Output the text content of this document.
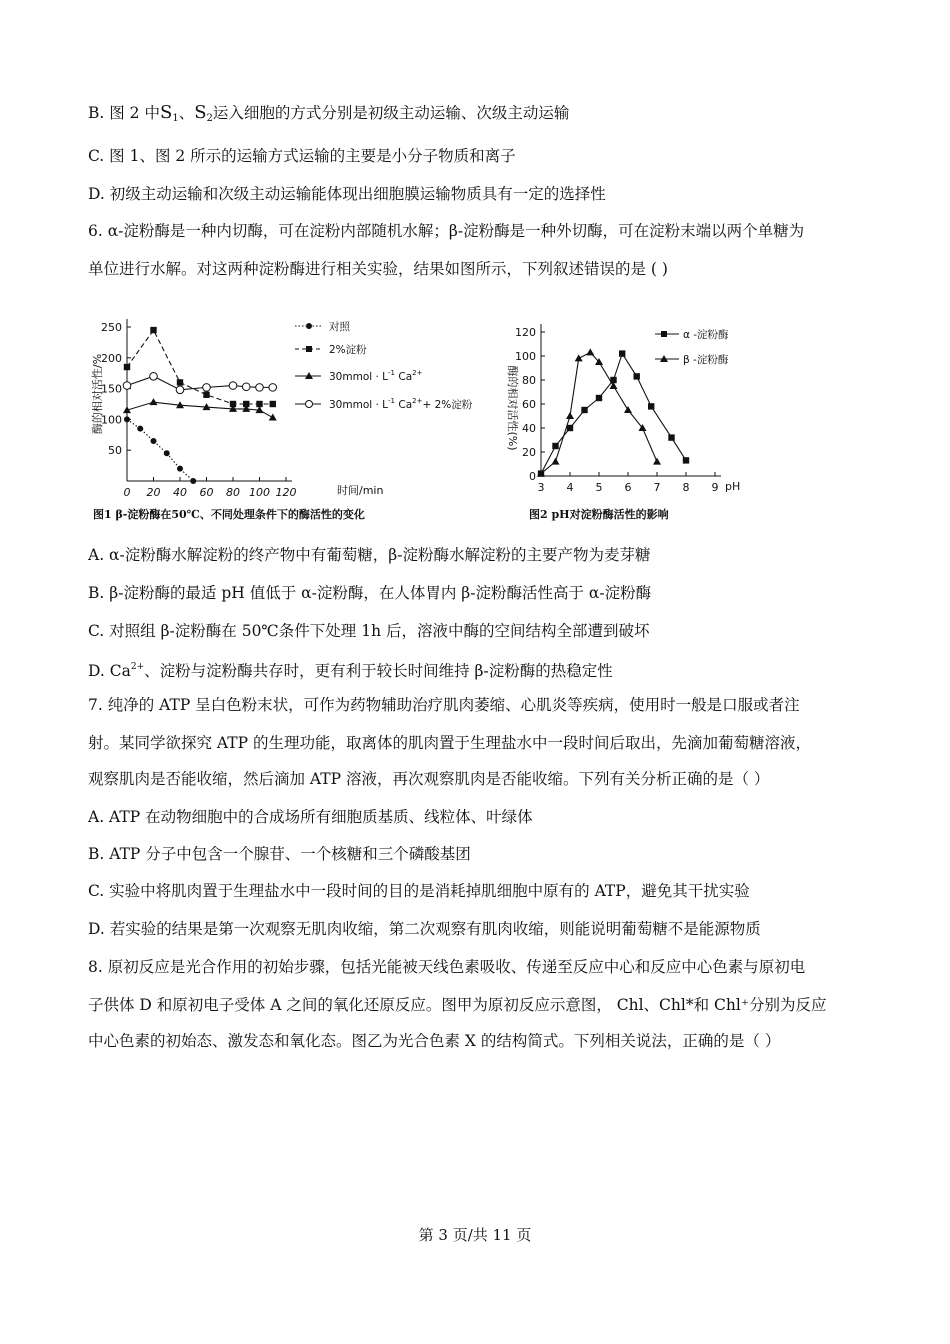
B. 图 2 中$S_1$、$S_2$运入细胞的方式分别是初级主动运输、次级主动运输
C. 图 1、图 2 所示的运输方式运输的主要是小分子物质和离子
D. 初级主动运输和次级主动运输能体现出细胞膜运输物质具有一定的选择性
6. α-淀粉酶是一种内切酶，可在淀粉内部随机水解；β-淀粉酶是一种外切酶，可在淀粉末端以两个单糖为
单位进行水解。对这两种淀粉酶进行相关实验，结果如图所示，下列叙述错误的是 ( )
0 20 40 60 80 100 120
50
100
150
200
250
图1 β-淀粉酶在50℃、不同处理条件下的酶活性的变化
酶的相对活性/%
时间/min
对照
2%淀粉
30mmol · $L^{-1}$ $Ca^{2+}$
30mmol · $L^{-1}$ $Ca^{2+}+ 2\%$淀粉
3 4 5 6 7 8 9
0
20
40
60
80
100
120
图2 pH对淀粉酶活性的影响
酶的相对活性(%)
pH
α -淀粉酶
β -淀粉酶
A. α-淀粉酶水解淀粉的终产物中有葡萄糖，β-淀粉酶水解淀粉的主要产物为麦芽糖
B. β-淀粉酶的最适 pH 值低于 α-淀粉酶，在人体胃内 β-淀粉酶活性高于 α-淀粉酶
C. 对照组 β-淀粉酶在 50℃条件下处理 1h 后，溶液中酶的空间结构全部遭到破坏
D. $Ca^{2+}$、淀粉与淀粉酶共存时，更有利于较长时间维持 β-淀粉酶的热稳定性
7. 纯净的 ATP 呈白色粉末状，可作为药物辅助治疗肌肉萎缩、心肌炎等疾病，使用时一般是口服或者注
射。某同学欲探究 ATP 的生理功能，取离体的肌肉置于生理盐水中一段时间后取出，先滴加葡萄糖溶液，
观察肌肉是否能收缩，然后滴加 ATP 溶液，再次观察肌肉是否能收缩。下列有关分析正确的是（ ）
A. ATP 在动物细胞中的合成场所有细胞质基质、线粒体、叶绿体
B. ATP 分子中包含一个腺苷、一个核糖和三个磷酸基团
C. 实验中将肌肉置于生理盐水中一段时间的目的是消耗掉肌细胞中原有的 ATP，避免其干扰实验
D. 若实验的结果是第一次观察无肌肉收缩，第二次观察有肌肉收缩，则能说明葡萄糖不是能源物质
8. 原初反应是光合作用的初始步骤，包括光能被天线色素吸收、传递至反应中心和反应中心色素与原初电
子供体 D 和原初电子受体 A 之间的氧化还原反应。图甲为原初反应示意图， Chl、Chl*和 Chl⁺分别为反应
中心色素的初始态、激发态和氧化态。图乙为光合色素 X 的结构简式。下列相关说法，正确的是（ ）
第 3 页/共 11 页
